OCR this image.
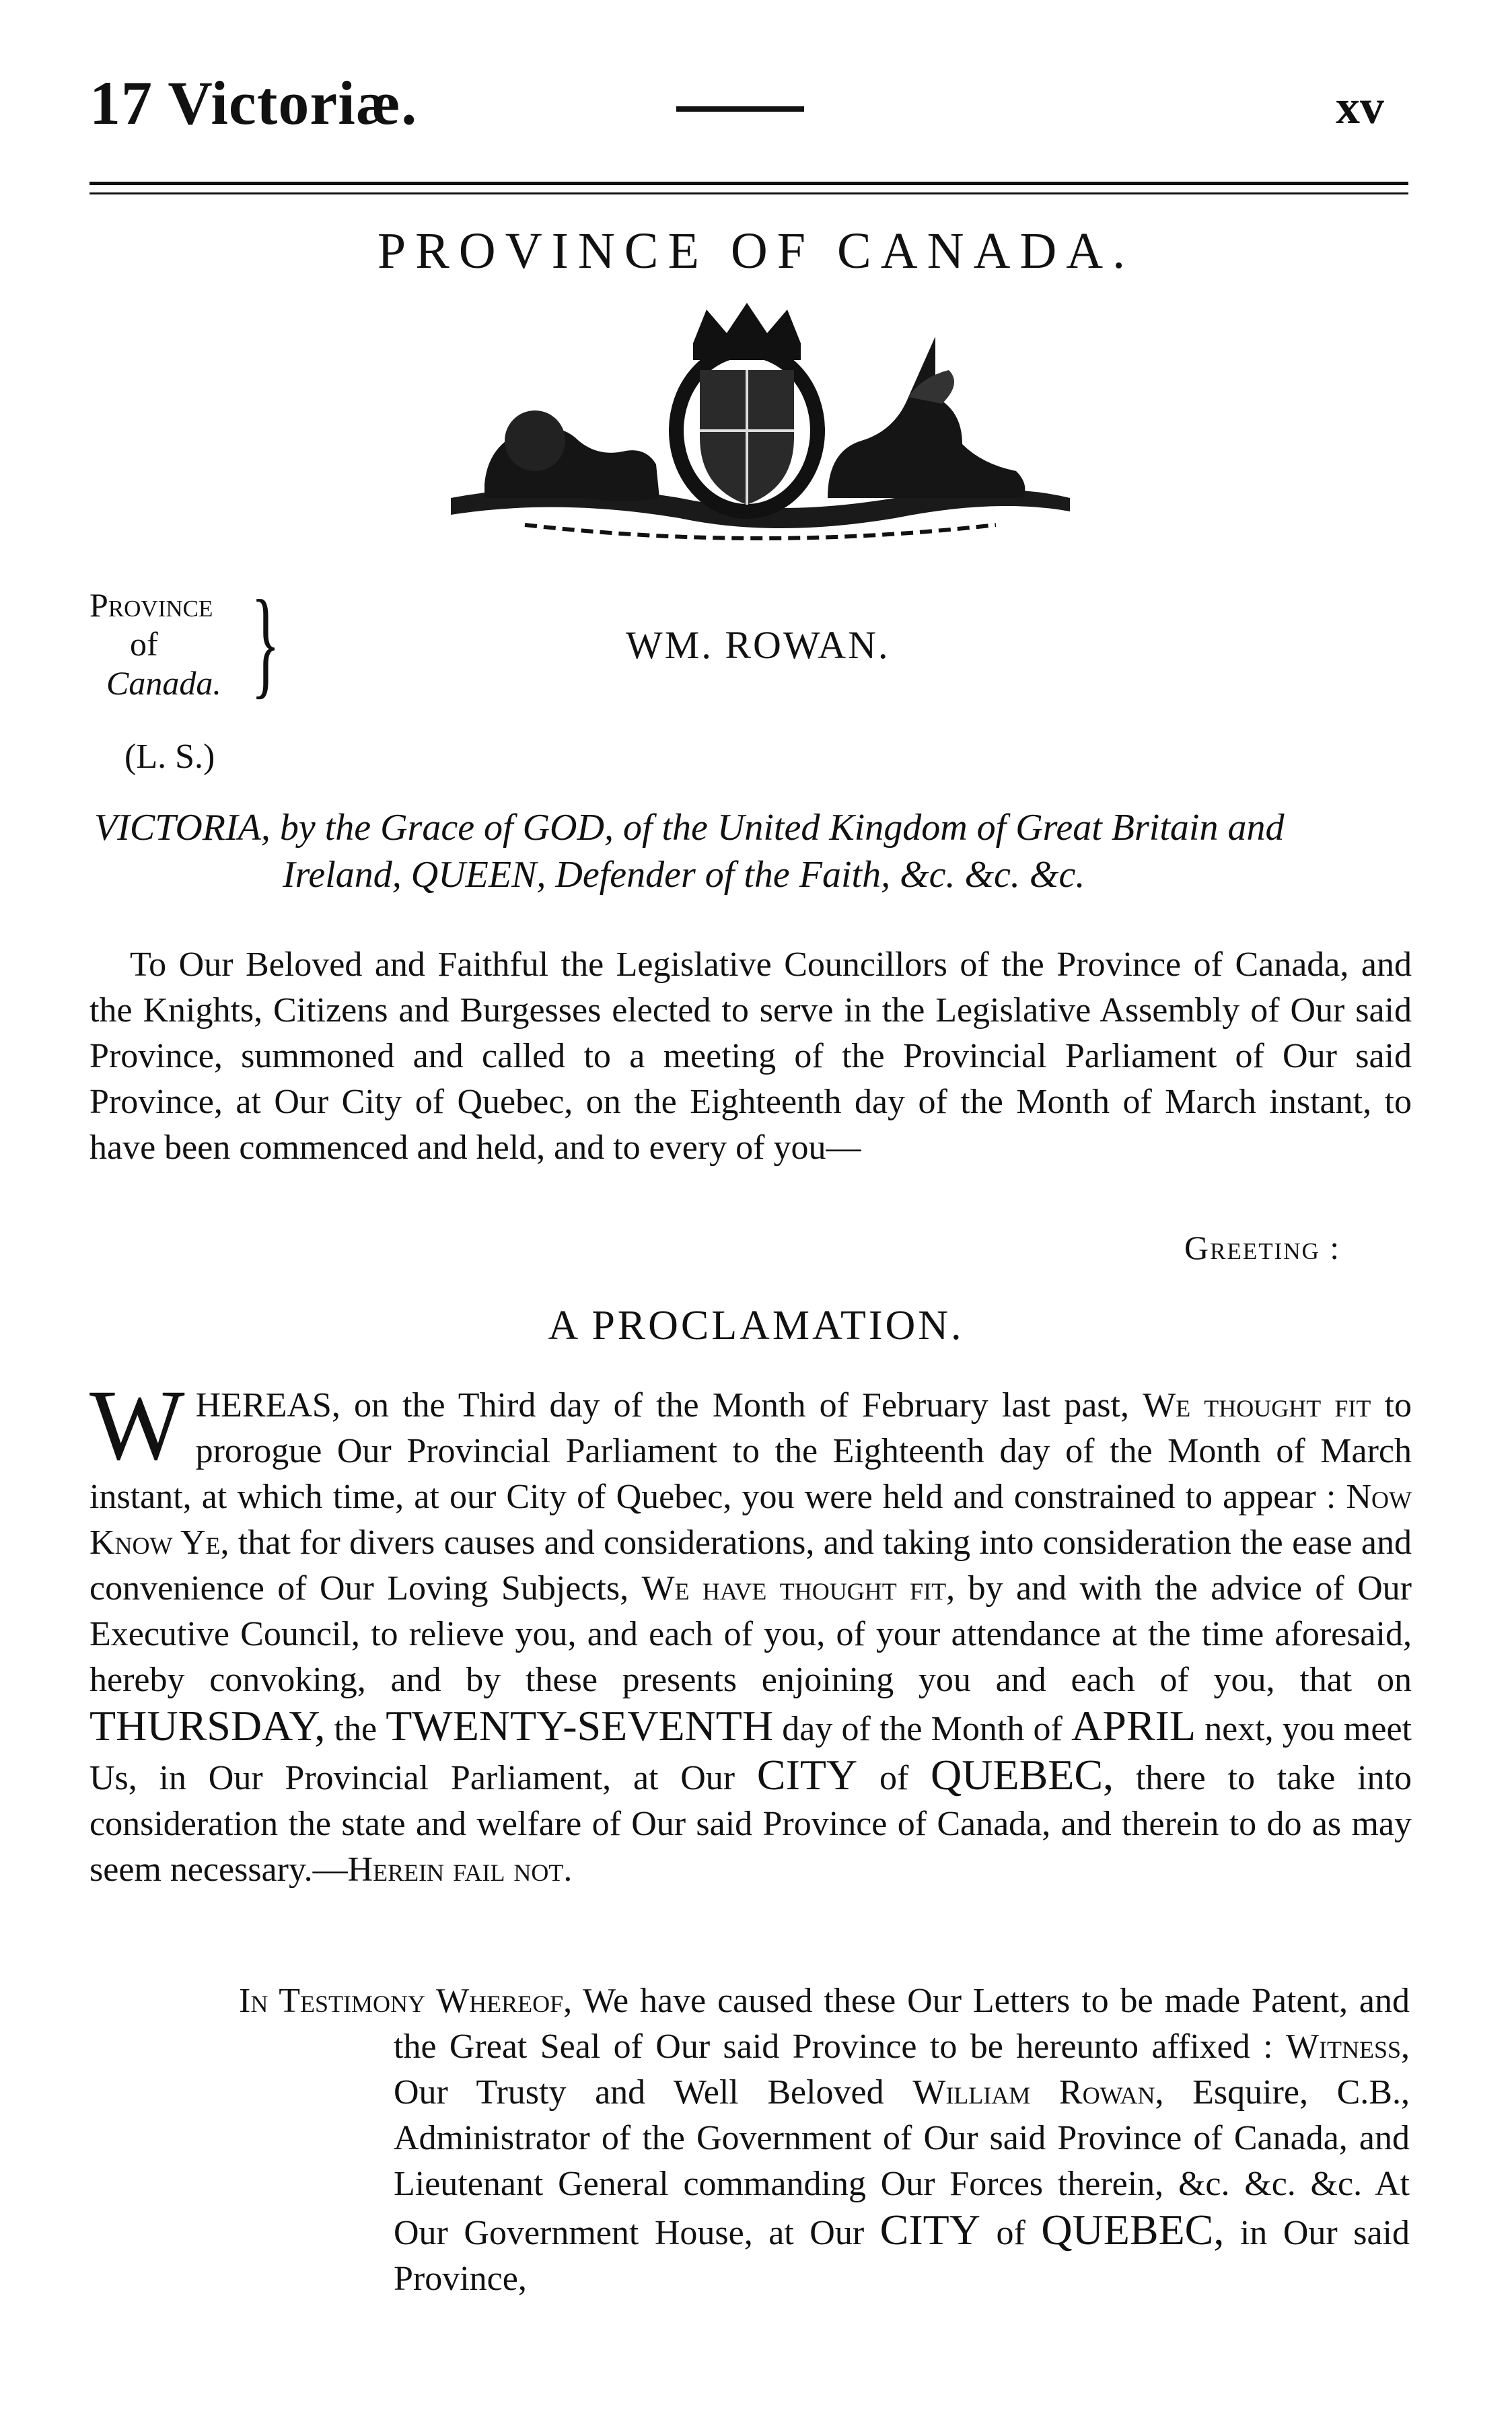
17 Victoriæ.	xv
PROVINCE OF CANADA.
Province
of
Canada. }	WM. ROWAN.
(L. S.)
VICTORIA, by the Grace of GOD, of the United Kingdom of Great Britain and
Ireland, QUEEN, Defender of the Faith, &c. &c. &c.
To Our Beloved and Faithful the Legislative Councillors of the Province of Canada, and the Knights, Citizens and Burgesses elected to serve in the Legislative Assembly of Our said Province, summoned and called to a meeting of the Provincial Parliament of Our said Province, at Our City of Quebec, on the Eighteenth day of the Month of March instant, to have been commenced and held, and to every of you—
Greeting :
A PROCLAMATION.
WHEREAS, on the Third day of the Month of February last past, We thought fit to prorogue Our Provincial Parliament to the Eighteenth day of the Month of March instant, at which time, at our City of Quebec, you were held and constrained to appear : Now Know Ye, that for divers causes and considerations, and taking into consideration the ease and convenience of Our Loving Subjects, We have thought fit, by and with the advice of Our Executive Council, to relieve you, and each of you, of your attendance at the time aforesaid, hereby convoking, and by these presents enjoining you and each of you, that on THURSDAY, the TWENTY-SEVENTH day of the Month of APRIL next, you meet Us, in Our Provincial Parliament, at Our CITY of QUEBEC, there to take into consideration the state and welfare of Our said Province of Canada, and therein to do as may seem necessary.—Herein fail not.
In Testimony Whereof, We have caused these Our Letters to be made Patent, and the Great Seal of Our said Province to be hereunto affixed : Witness, Our Trusty and Well Beloved William Rowan, Esquire, C.B., Administrator of the Government of Our said Province of Canada, and Lieutenant General commanding Our Forces therein, &c. &c. &c. At Our Government House, at Our CITY of QUEBEC, in Our said Province,
